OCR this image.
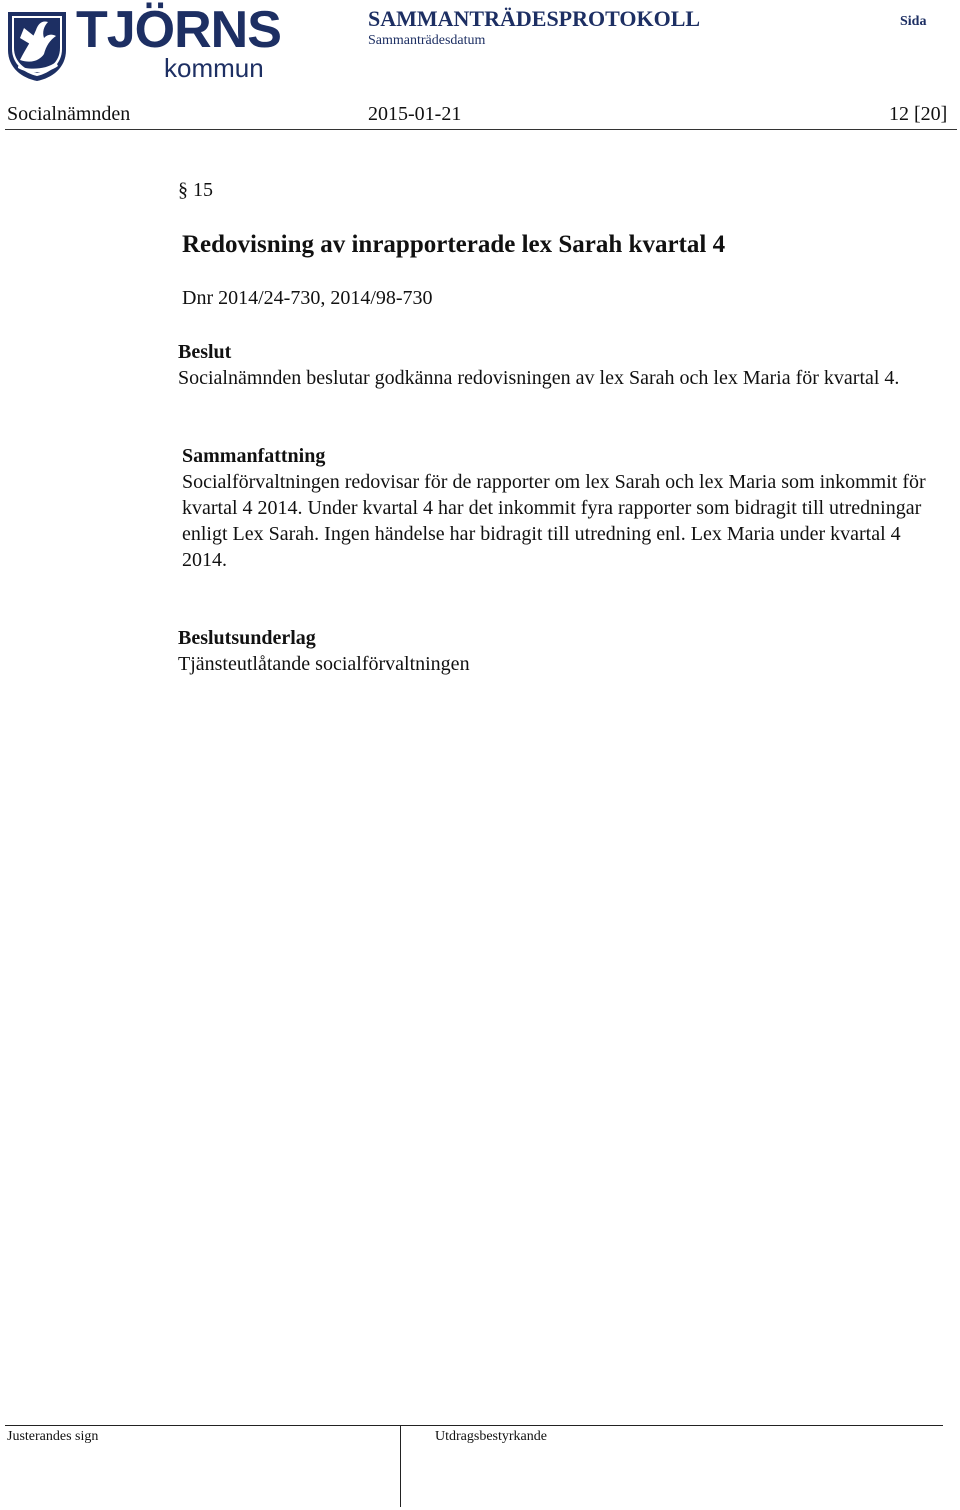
TJÖRNS
kommun
SAMMANTRÄDESPROTOKOLL
Sammanträdesdatum
Sida
Socialnämnden	2015-01-21	12 [20]
§ 15
Redovisning av inrapporterade lex Sarah kvartal 4
Dnr 2014/24-730, 2014/98-730
Beslut
Socialnämnden beslutar godkänna redovisningen av lex Sarah och lex Maria för kvartal 4.
Sammanfattning
Socialförvaltningen redovisar för de rapporter om lex Sarah och lex Maria som inkommit för kvartal 4 2014. Under kvartal 4 har det inkommit fyra rapporter som bidragit till utredningar enligt Lex Sarah. Ingen händelse har bidragit till utredning enl. Lex Maria under kvartal 4 2014.
Beslutsunderlag
Tjänsteutlåtande socialförvaltningen
Justerandes sign	Utdragsbestyrkande
